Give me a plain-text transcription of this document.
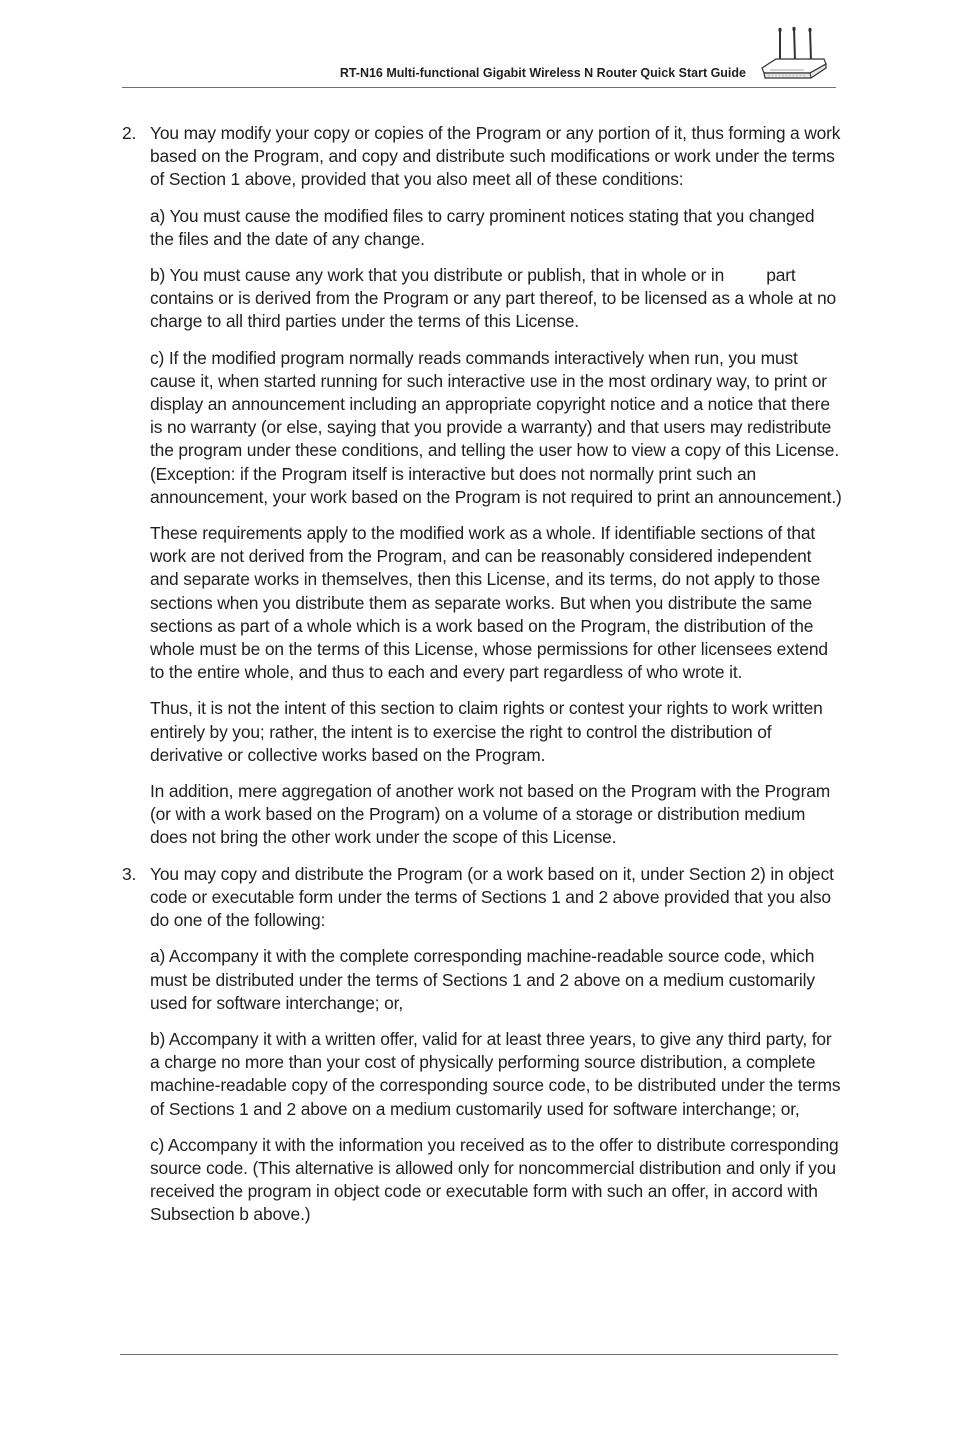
RT-N16 Multi-functional Gigabit Wireless N Router Quick Start Guide
2. You may modify your copy or copies of the Program or any portion of it, thus forming a work based on the Program, and copy and distribute such modifications or work under the terms of Section 1 above, provided that you also meet all of these conditions:

a) You must cause the modified files to carry prominent notices stating that you changed the files and the date of any change.

b) You must cause any work that you distribute or publish, that in whole or in         part contains or is derived from the Program or any part thereof, to be licensed as a whole at no charge to all third parties under the terms of this License.

c) If the modified program normally reads commands interactively when run, you must cause it, when started running for such interactive use in the most ordinary way, to print or display an announcement including an appropriate copyright notice and a notice that there is no warranty (or else, saying that you provide a warranty) and that users may redistribute the program under these conditions, and telling the user how to view a copy of this License. (Exception: if the Program itself is interactive but does not normally print such an announcement, your work based on the Program is not required to print an announcement.)

These requirements apply to the modified work as a whole. If identifiable sections of that work are not derived from the Program, and can be reasonably considered independent and separate works in themselves, then this License, and its terms, do not apply to those sections when you distribute them as separate works. But when you distribute the same sections as part of a whole which is a work based on the Program, the distribution of the whole must be on the terms of this License, whose permissions for other licensees extend to the entire whole, and thus to each and every part regardless of who wrote it.

Thus, it is not the intent of this section to claim rights or contest your rights to work written entirely by you; rather, the intent is to exercise the right to control the distribution of derivative or collective works based on the Program.

In addition, mere aggregation of another work not based on the Program with the Program (or with a work based on the Program) on a volume of a storage or distribution medium does not bring the other work under the scope of this License.

3. You may copy and distribute the Program (or a work based on it, under Section 2) in object code or executable form under the terms of Sections 1 and 2 above provided that you also do one of the following:

a) Accompany it with the complete corresponding machine-readable source code, which must be distributed under the terms of Sections 1 and 2 above on a medium customarily used for software interchange; or,

b) Accompany it with a written offer, valid for at least three years, to give any third party, for a charge no more than your cost of physically performing source distribution, a complete machine-readable copy of the corresponding source code, to be distributed under the terms of Sections 1 and 2 above on a medium customarily used for software interchange; or,

c) Accompany it with the information you received as to the offer to distribute corresponding source code. (This alternative is allowed only for noncommercial distribution and only if you received the program in object code or executable form with such an offer, in accord with Subsection b above.)
